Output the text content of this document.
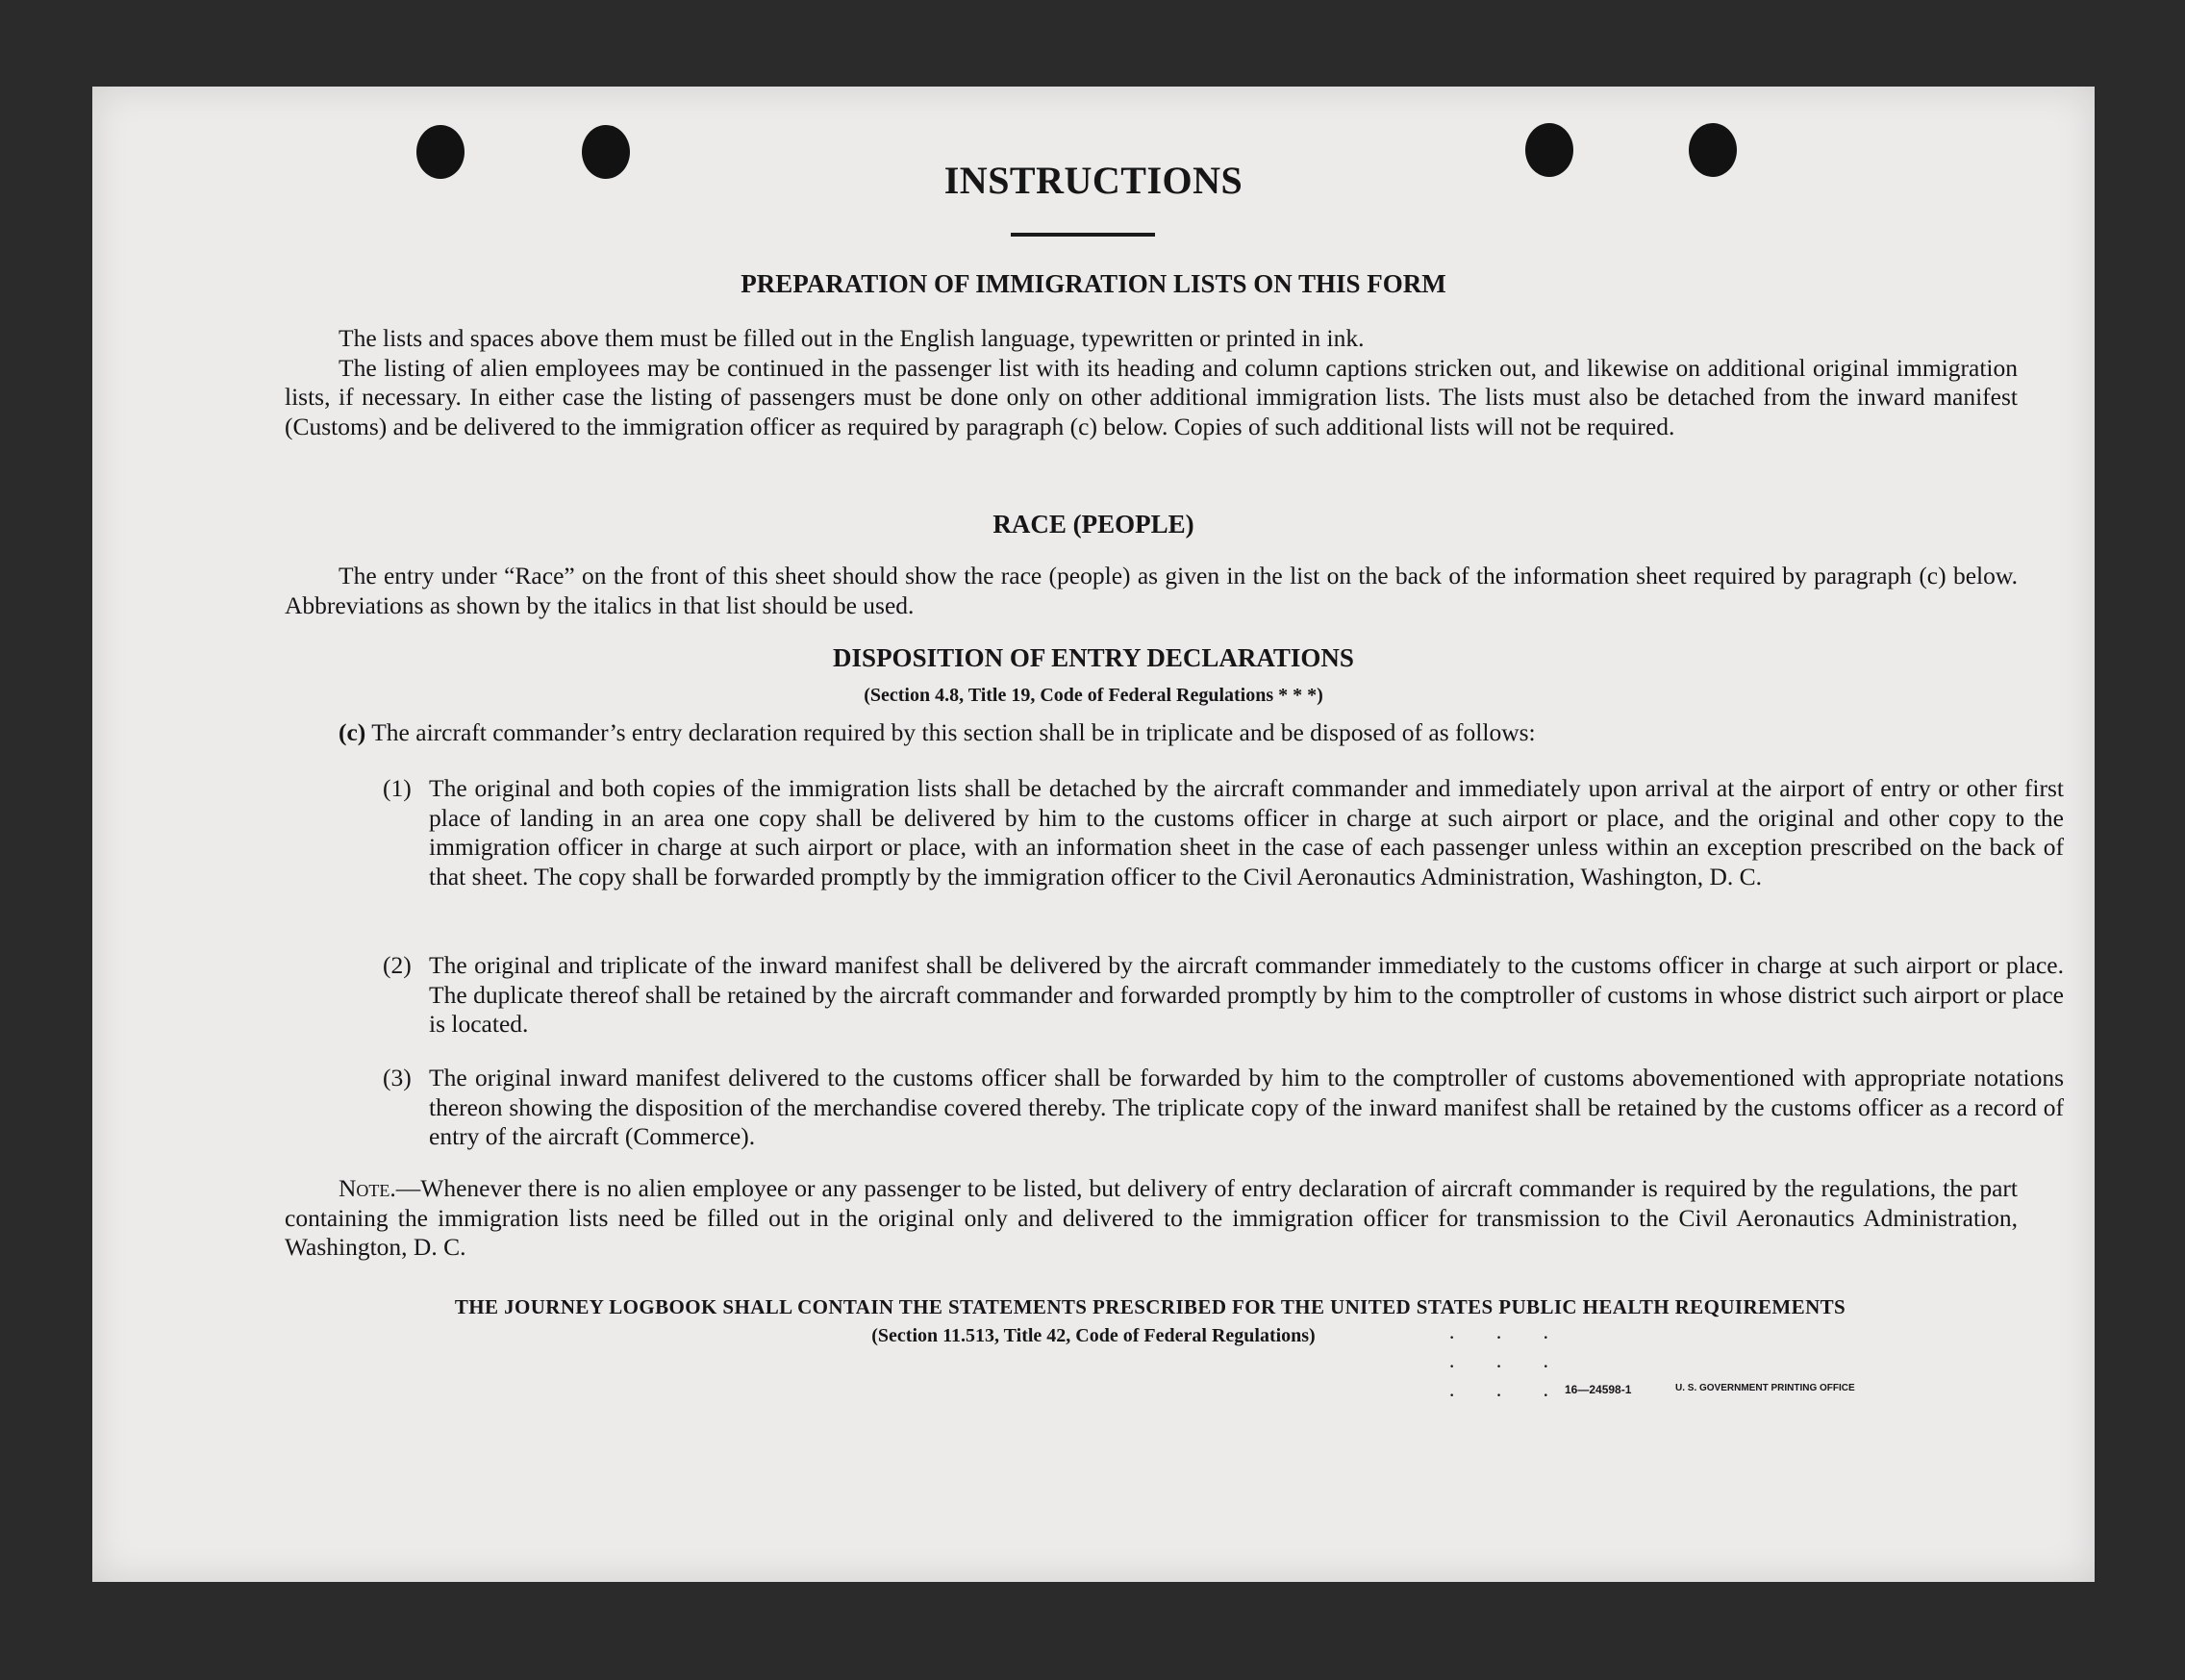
INSTRUCTIONS
PREPARATION OF IMMIGRATION LISTS ON THIS FORM

The lists and spaces above them must be filled out in the English language, typewritten or printed in ink.

The listing of alien employees may be continued in the passenger list with its heading and column captions stricken out, and likewise on additional original immigration lists, if necessary. In either case the listing of passengers must be done only on other additional immigration lists. The lists must also be detached from the inward manifest (Customs) and be delivered to the immigration officer as required by paragraph (c) below. Copies of such additional lists will not be required.

RACE (PEOPLE)

The entry under “Race” on the front of this sheet should show the race (people) as given in the list on the back of the information sheet required by paragraph (c) below. Abbreviations as shown by the italics in that list should be used.

DISPOSITION OF ENTRY DECLARATIONS
(Section 4.8, Title 19, Code of Federal Regulations * * *)

(c) The aircraft commander’s entry declaration required by this section shall be in triplicate and be disposed of as follows:

(1) The original and both copies of the immigration lists shall be detached by the aircraft commander and immediately upon arrival at the airport of entry or other first place of landing in an area one copy shall be delivered by him to the customs officer in charge at such airport or place, and the original and other copy to the immigration officer in charge at such airport or place, with an information sheet in the case of each passenger unless within an exception prescribed on the back of that sheet. The copy shall be forwarded promptly by the immigration officer to the Civil Aeronautics Administration, Washington, D. C.
(2) The original and triplicate of the inward manifest shall be delivered by the aircraft commander immediately to the customs officer in charge at such airport or place. The duplicate thereof shall be retained by the aircraft commander and forwarded promptly by him to the comptroller of customs in whose district such airport or place is located.
(3) The original inward manifest delivered to the customs officer shall be forwarded by him to the comptroller of customs abovementioned with appropriate notations thereon showing the disposition of the merchandise covered thereby. The triplicate copy of the inward manifest shall be retained by the customs officer as a record of entry of the aircraft (Commerce).

Note.—Whenever there is no alien employee or any passenger to be listed, but delivery of entry declaration of aircraft commander is required by the regulations, the part containing the immigration lists need be filled out in the original only and delivered to the immigration officer for transmission to the Civil Aeronautics Administration, Washington, D. C.

THE JOURNEY LOGBOOK SHALL CONTAIN THE STATEMENTS PRESCRIBED FOR THE UNITED STATES PUBLIC HEALTH REQUIREMENTS
(Section 11.513, Title 42, Code of Federal Regulations)	· · ·
· · ·
· · ·
16—24598-1	U. S. GOVERNMENT PRINTING OFFICE
